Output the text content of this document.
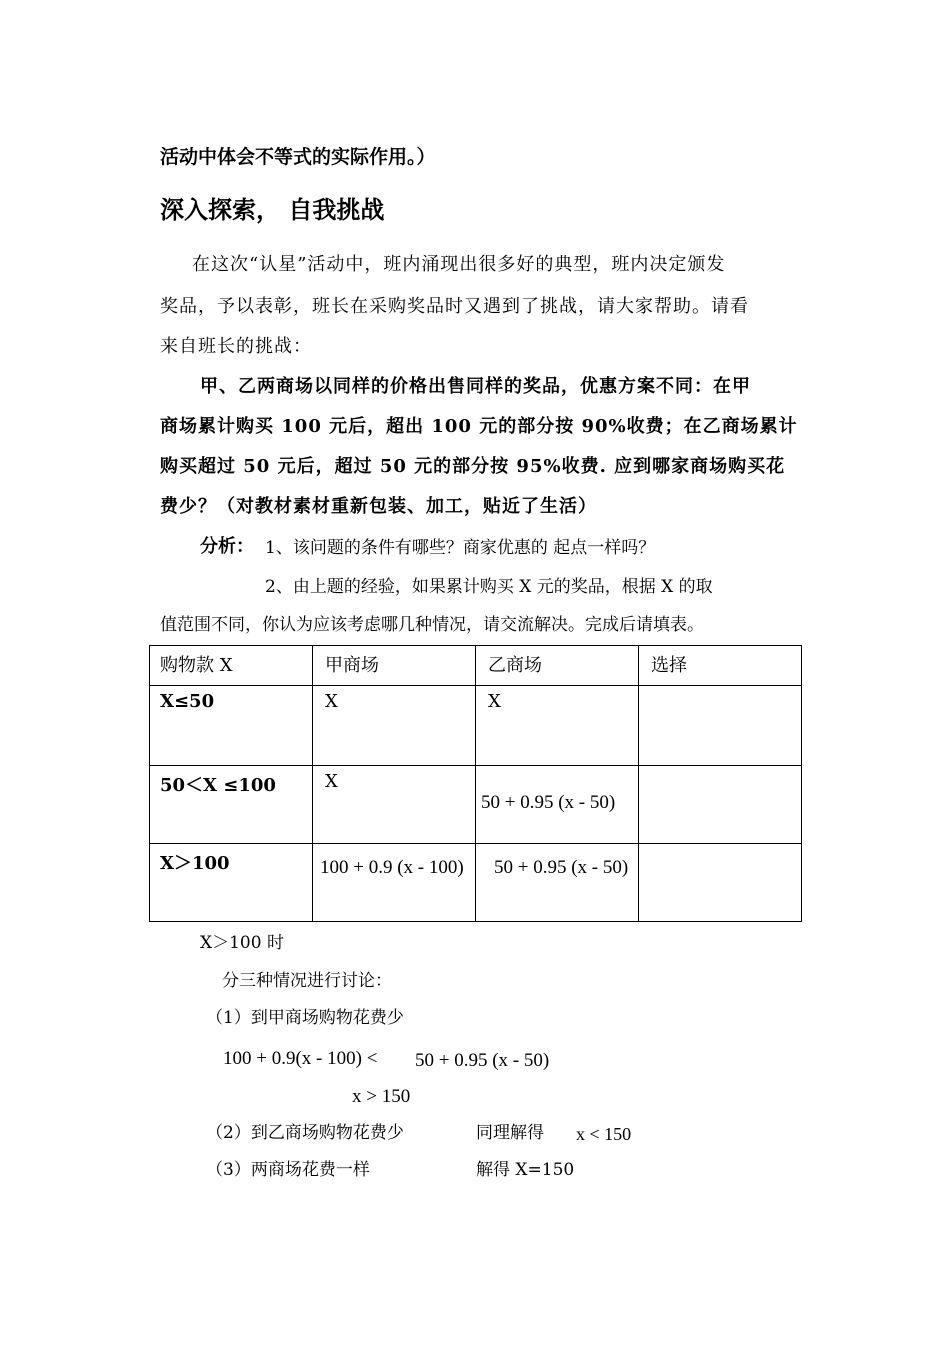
活动中体会不等式的实际作用。）
深入探索， 自我挑战
在这次“认星”活动中，班内涌现出很多好的典型，班内决定颁发
奖品，予以表彰，班长在采购奖品时又遇到了挑战，请大家帮助。请看
来自班长的挑战：
甲、乙两商场以同样的价格出售同样的奖品，优惠方案不同：在甲
商场累计购买 100 元后，超出 100 元的部分按 90%收费；在乙商场累计
购买超过 50 元后，超过 50 元的部分按 95%收费. 应到哪家商场购买花
费少？（对教材素材重新包装、加工，贴近了生活）
分析： 1、该问题的条件有哪些？商家优惠的 起点一样吗？
2、由上题的经验，如果累计购买 X 元的奖品，根据 X 的取
值范围不同，你认为应该考虑哪几种情况，请交流解决。完成后请填表。
购物款 X	甲商场	乙商场	选择

X≤50	X	X	

50＜X ≤100	X	50 + 0.95 (x - 50)	

X＞100	100 + 0.9 (x - 100)	50 + 0.95 (x - 50)	

X＞100 时
分三种情况进行讨论：
（1）到甲商场购物花费少
100 + 0.9(x - 100) < 50 + 0.95 (x - 50)
x > 150
（2）到乙商场购物花费少	同理解得 x < 150
（3）两商场花费一样	解得 X=150
